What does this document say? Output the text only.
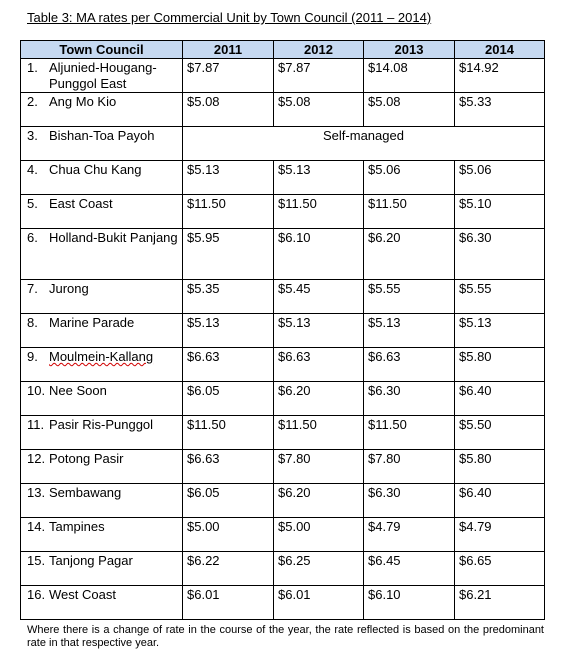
Table 3: MA rates per Commercial Unit by Town Council (2011 – 2014)
Town Council	2011	2012	2013	2014

1. Aljunied-Hougang-Punggol East	$7.87	$7.87	$14.08	$14.92

2. Ang Mo Kio	$5.08	$5.08	$5.08	$5.33

3. Bishan-Toa Payoh	Self-managed			

4. Chua Chu Kang	$5.13	$5.13	$5.06	$5.06

5. East Coast	$11.50	$11.50	$11.50	$5.10

6. Holland-Bukit Panjang	$5.95	$6.10	$6.20	$6.30

7. Jurong	$5.35	$5.45	$5.55	$5.55

8. Marine Parade	$5.13	$5.13	$5.13	$5.13

9. Moulmein-Kallang	$6.63	$6.63	$6.63	$5.80

10. Nee Soon	$6.05	$6.20	$6.30	$6.40

11. Pasir Ris-Punggol	$11.50	$11.50	$11.50	$5.50

12. Potong Pasir	$6.63	$7.80	$7.80	$5.80

13. Sembawang	$6.05	$6.20	$6.30	$6.40

14. Tampines	$5.00	$5.00	$4.79	$4.79

15. Tanjong Pagar	$6.22	$6.25	$6.45	$6.65

16. West Coast	$6.01	$6.01	$6.10	$6.21
Where there is a change of rate in the course of the year, the rate reflected is based on the predominant rate in that respective year.
